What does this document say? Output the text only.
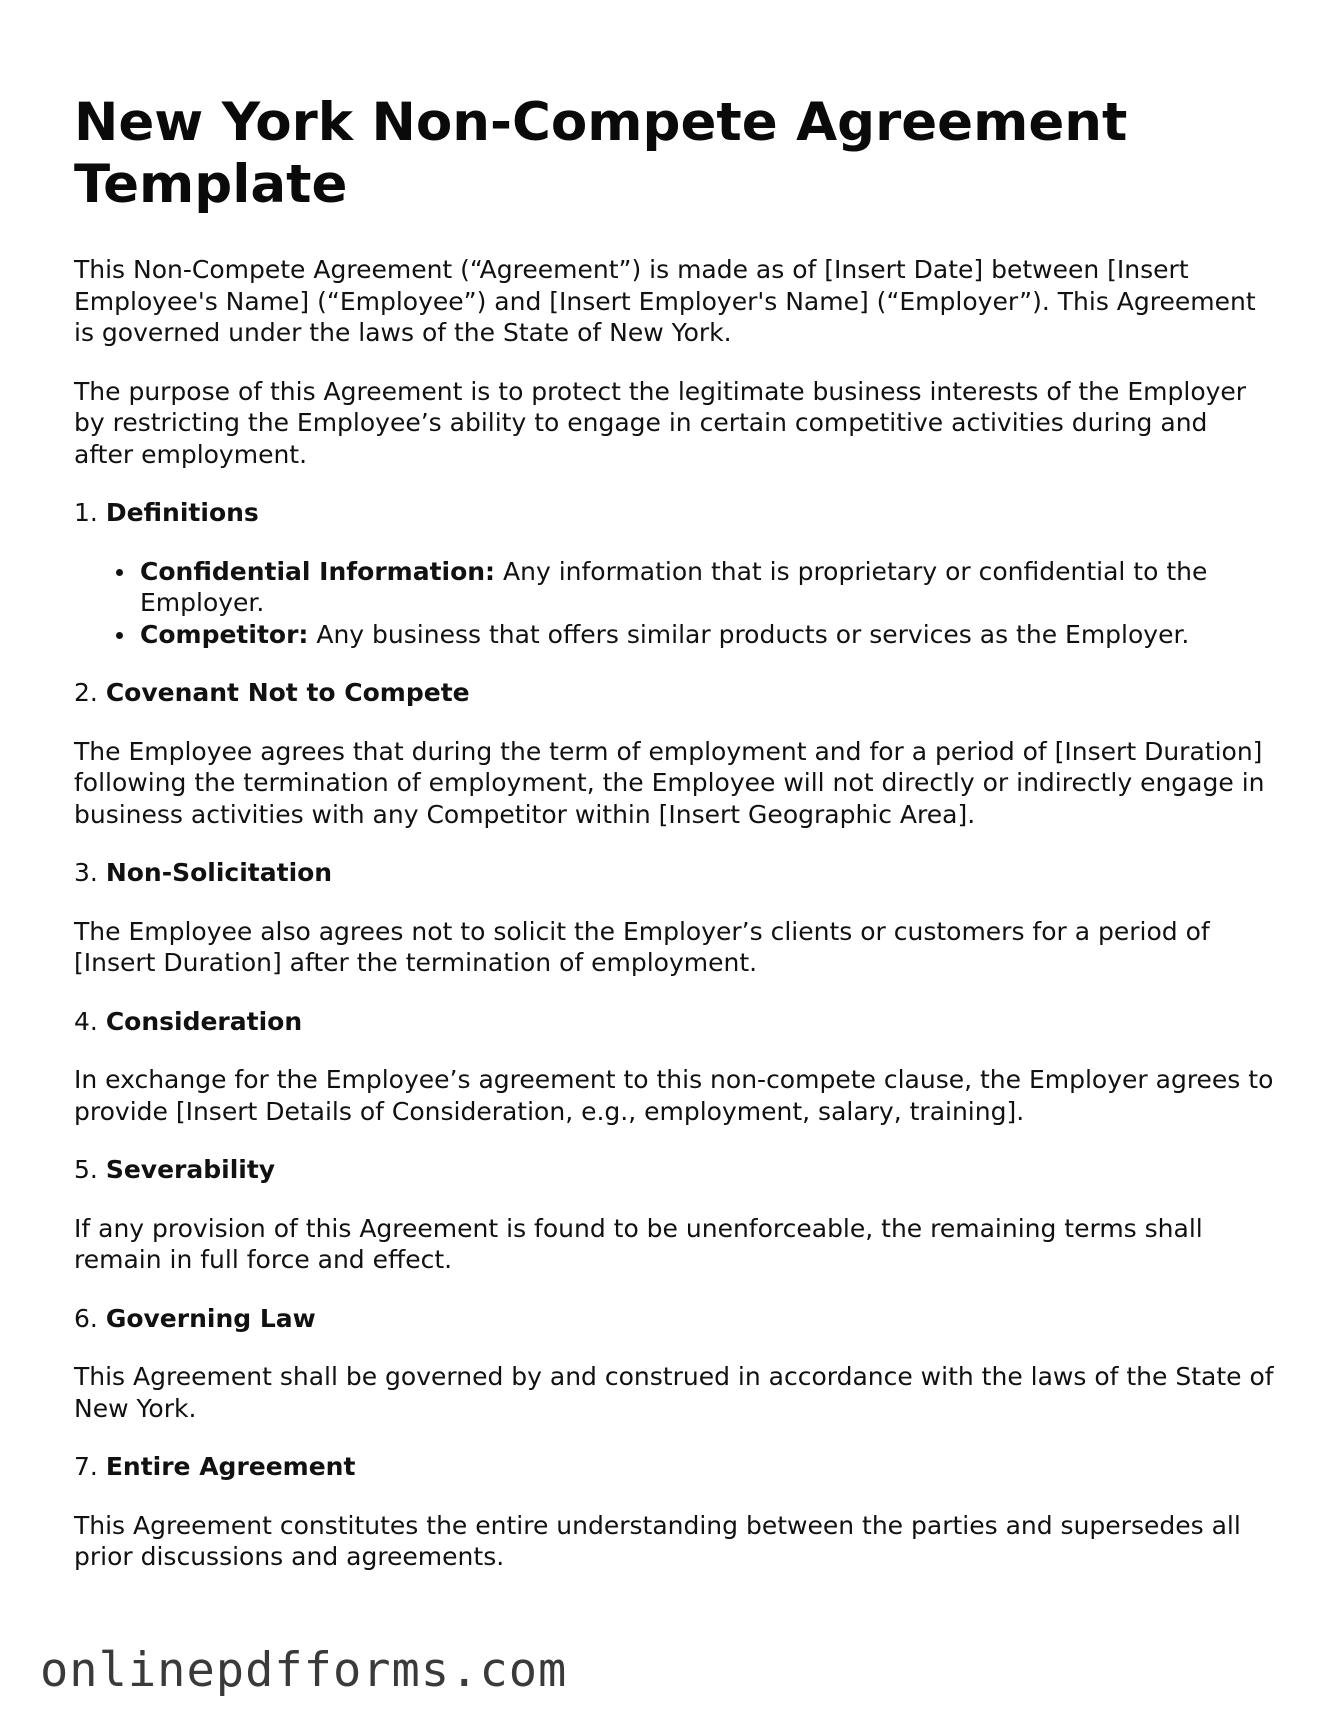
New York Non-Compete Agreement Template

This Non-Compete Agreement (“Agreement”) is made as of [Insert Date] between [Insert Employee's Name] (“Employee”) and [Insert Employer's Name] (“Employer”). This Agreement is governed under the laws of the State of New York.

The purpose of this Agreement is to protect the legitimate business interests of the Employer by restricting the Employee’s ability to engage in certain competitive activities during and after employment.

1. Definitions
Confidential Information: Any information that is proprietary or confidential to the Employer.
Competitor: Any business that offers similar products or services as the Employer.
2. Covenant Not to Compete

The Employee agrees that during the term of employment and for a period of [Insert Duration] following the termination of employment, the Employee will not directly or indirectly engage in business activities with any Competitor within [Insert Geographic Area].

3. Non-Solicitation

The Employee also agrees not to solicit the Employer’s clients or customers for a period of [Insert Duration] after the termination of employment.

4. Consideration

In exchange for the Employee’s agreement to this non-compete clause, the Employer agrees to provide [Insert Details of Consideration, e.g., employment, salary, training].

5. Severability

If any provision of this Agreement is found to be unenforceable, the remaining terms shall remain in full force and effect.

6. Governing Law

This Agreement shall be governed by and construed in accordance with the laws of the State of New York.

7. Entire Agreement

This Agreement constitutes the entire understanding between the parties and supersedes all prior discussions and agreements.

onlinepdfforms.com
